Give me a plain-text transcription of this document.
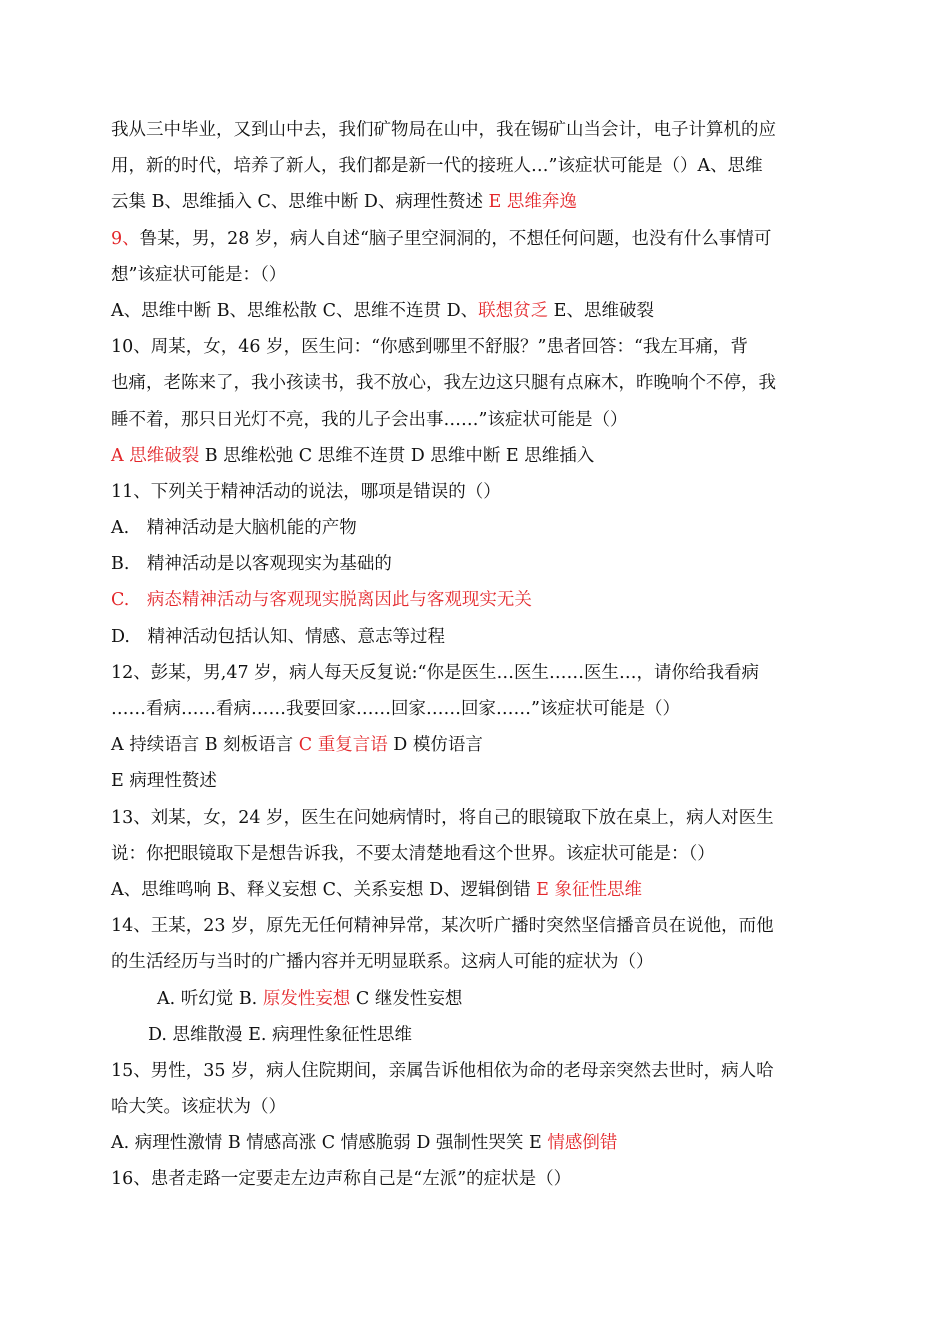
我从三中毕业，又到山中去，我们矿物局在山中，我在锡矿山当会计，电子计算机的应
用，新的时代，培养了新人，我们都是新一代的接班人…”该症状可能是（）A、思维
云集 B、思维插入 C、思维中断 D、病理性赘述 E 思维奔逸
9、鲁某，男，28 岁，病人自述“脑子里空洞洞的，不想任何问题，也没有什么事情可
想”该症状可能是：（）
A、思维中断 B、思维松散 C、思维不连贯 D、联想贫乏 E、思维破裂
10、周某，女，46 岁，医生问：“你感到哪里不舒服？”患者回答：“我左耳痛，背
也痛，老陈来了，我小孩读书，我不放心，我左边这只腿有点麻木，昨晚响个不停，我
睡不着，那只日光灯不亮，我的儿子会出事……”该症状可能是（）
A 思维破裂 B 思维松弛 C 思维不连贯 D 思维中断 E 思维插入
11、下列关于精神活动的说法，哪项是错误的（）
A.　精神活动是大脑机能的产物
B.　精神活动是以客观现实为基础的
C.　病态精神活动与客观现实脱离因此与客观现实无关
D.　精神活动包括认知、情感、意志等过程
12、彭某，男,47 岁，病人每天反复说:“你是医生…医生……医生…，请你给我看病
……看病……看病……我要回家……回家……回家……”该症状可能是（）
A 持续语言 B 刻板语言 C 重复言语 D 模仿语言
E 病理性赘述
13、刘某，女，24 岁，医生在问她病情时，将自己的眼镜取下放在桌上，病人对医生
说：你把眼镜取下是想告诉我，不要太清楚地看这个世界。该症状可能是：（）
A、思维鸣响 B、释义妄想 C、关系妄想 D、逻辑倒错 E 象征性思维
14、王某，23 岁，原先无任何精神异常，某次听广播时突然坚信播音员在说他，而他
的生活经历与当时的广播内容并无明显联系。这病人可能的症状为（）
A. 听幻觉 B. 原发性妄想 C 继发性妄想
D. 思维散漫 E. 病理性象征性思维
15、男性，35 岁，病人住院期间，亲属告诉他相依为命的老母亲突然去世时，病人哈
哈大笑。该症状为（）
A. 病理性激情 B 情感高涨 C 情感脆弱 D 强制性哭笑 E 情感倒错
16、患者走路一定要走左边声称自己是“左派”的症状是（）
